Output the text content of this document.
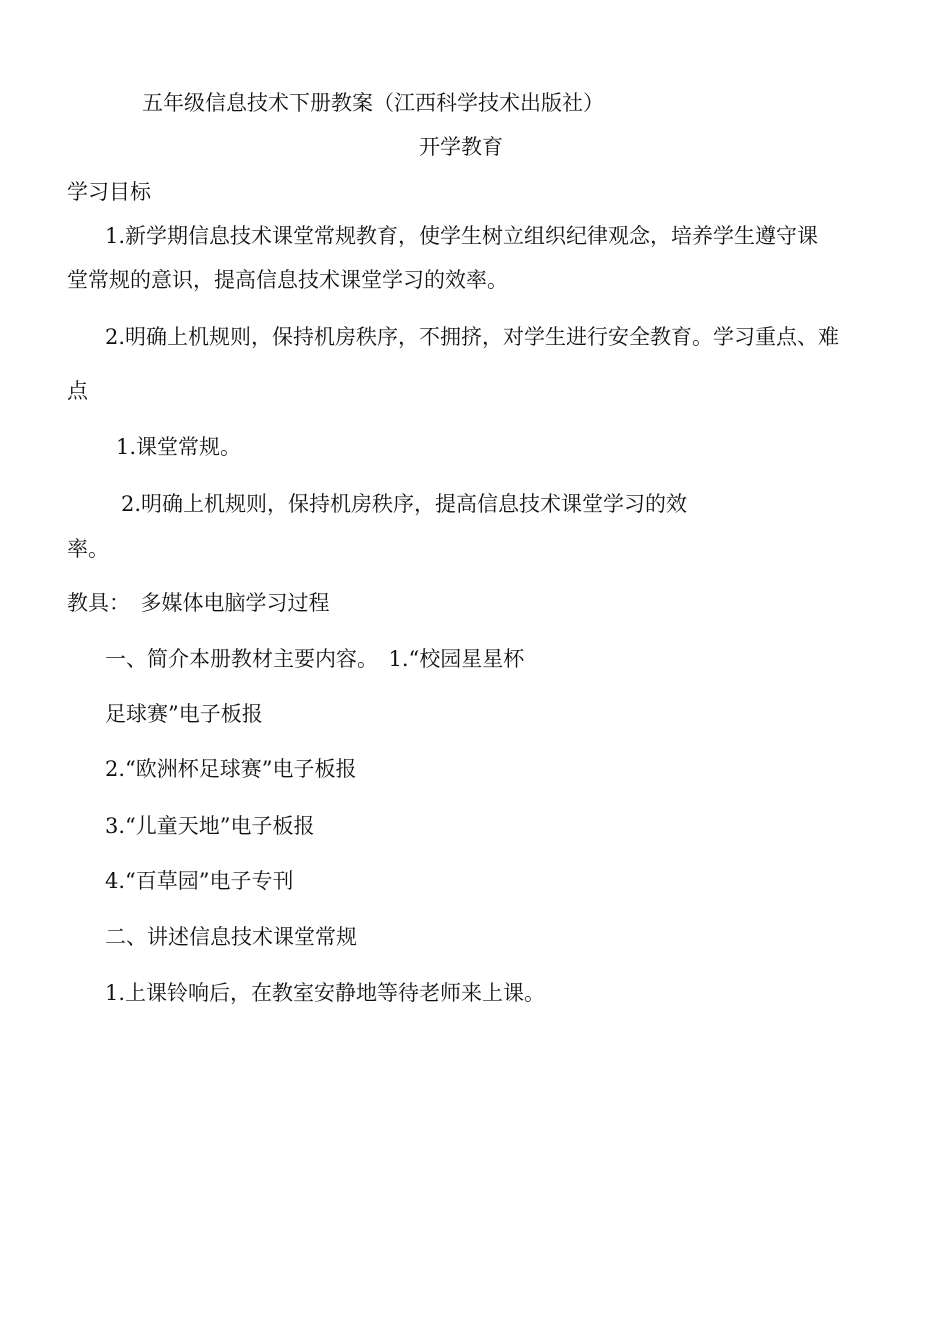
五年级信息技术下册教案（江西科学技术出版社）

开学教育

学习目标

1.新学期信息技术课堂常规教育，使学生树立组织纪律观念，培养学生遵守课

堂常规的意识，提高信息技术课堂学习的效率。

2.明确上机规则，保持机房秩序，不拥挤，对学生进行安全教育。学习重点、难

点

1.课堂常规。

2.明确上机规则，保持机房秩序，提高信息技术课堂学习的效

率。

教具：　多媒体电脑学习过程

一、简介本册教材主要内容。　1.“校园星星杯

足球赛”电子板报

2.“欧洲杯足球赛”电子板报

3.“儿童天地”电子板报

4.“百草园”电子专刊

二、讲述信息技术课堂常规

1.上课铃响后，在教室安静地等待老师来上课。
